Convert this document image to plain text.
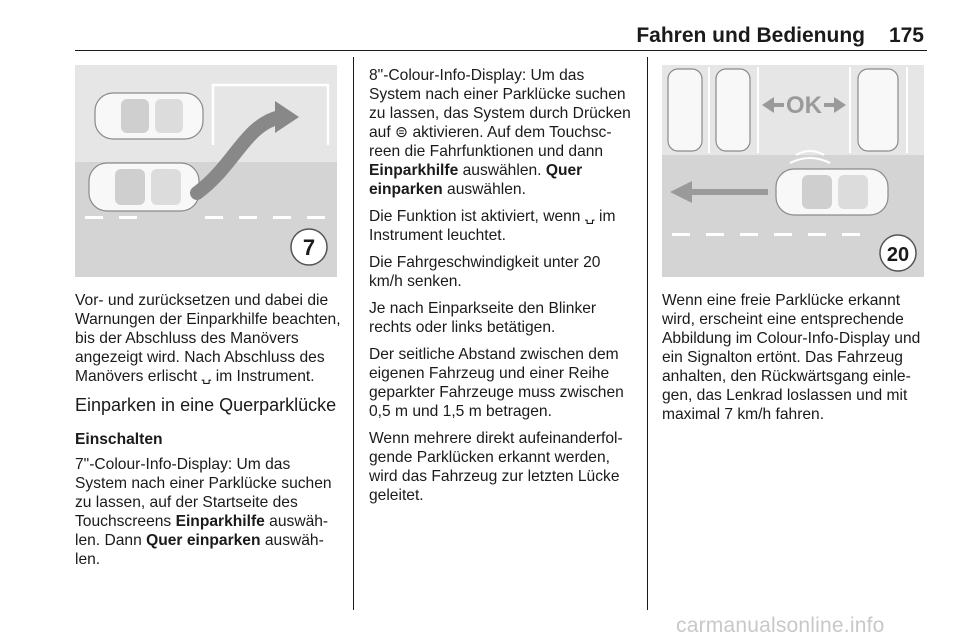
Fahren und Bedienung	175
7
OK
20

Vor- und zurücksetzen und dabei die Warnungen der Einparkhilfe beachten, bis der Abschluss des Manövers angezeigt wird. Nach Abschluss des Manövers erlischt ⍽ im Instrument.

Einparken in eine Querparklücke
Einschalten

7"-Colour-Info-Display: Um das System nach einer Parklücke suchen zu lassen, auf der Startseite des Touchscreens Einparkhilfe auswählen. Dann Quer einparken auswählen.

8"-Colour-Info-Display: Um das System nach einer Parklücke suchen zu lassen, das System durch Drücken auf ⊜ aktivieren. Auf dem Touchscreen die Fahrfunktionen und dann Einparkhilfe auswählen. Quer einparken auswählen.

Die Funktion ist aktiviert, wenn ⍽ im Instrument leuchtet.

Die Fahrgeschwindigkeit unter 20 km/h senken.

Je nach Einparkseite den Blinker rechts oder links betätigen.

Der seitliche Abstand zwischen dem eigenen Fahrzeug und einer Reihe geparkter Fahrzeuge muss zwischen 0,5 m und 1,5 m betragen.

Wenn mehrere direkt aufeinanderfolgende Parklücken erkannt werden, wird das Fahrzeug zur letzten Lücke geleitet.

Wenn eine freie Parklücke erkannt wird, erscheint eine entsprechende Abbildung im Colour-Info-Display und ein Signalton ertönt. Das Fahrzeug anhalten, den Rückwärtsgang einlegen, das Lenkrad loslassen und mit maximal 7 km/h fahren.

carmanualsonline.info
